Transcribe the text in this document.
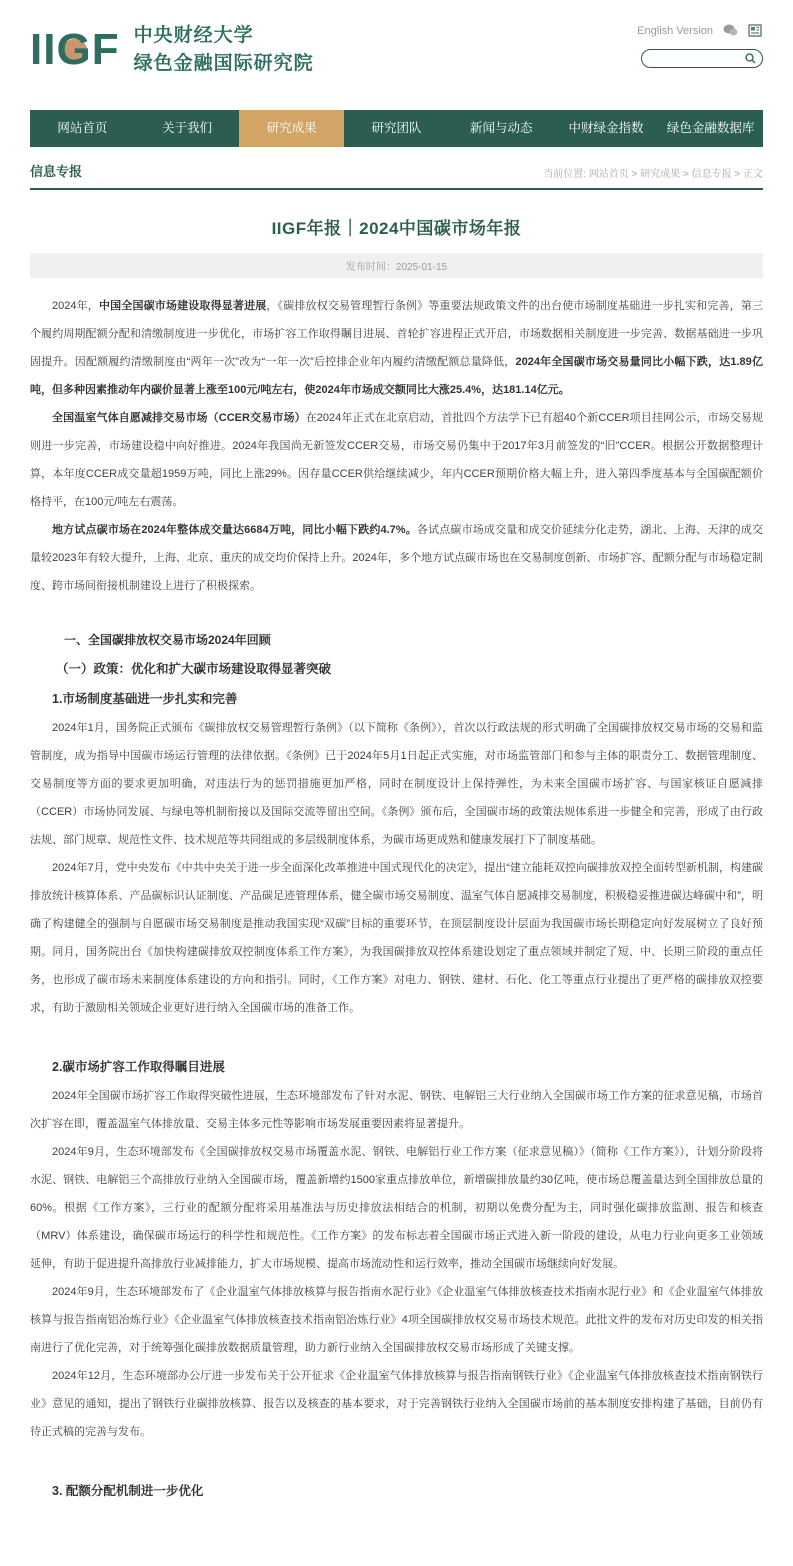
II G F 中央财经大学
绿色金融国际研究院
English Version
网站首页	关于我们	研究成果	研究团队	新闻与动态	中财绿金指数	绿色金融数据库
信息专报	当前位置: 网站首页 > 研究成果 > 信息专报 > 正文
IIGF年报｜2024中国碳市场年报
发布时间：2025-01-15
2024年，中国全国碳市场建设取得显著进展，《碳排放权交易管理暂行条例》等重要法规政策文件的出台使市场制度基础进一步扎实和完善，第三个履约周期配额分配和清缴制度进一步优化，市场扩容工作取得瞩目进展、首轮扩容进程正式开启，市场数据相关制度进一步完善、数据基础进一步巩固提升。因配额履约清缴制度由“两年一次”改为“一年一次”后控排企业年内履约清缴配额总量降低，2024年全国碳市场交易量同比小幅下跌，达1.89亿吨，但多种因素推动年内碳价显著上涨至100元/吨左右，使2024年市场成交额同比大涨25.4%，达181.14亿元。
全国温室气体自愿减排交易市场（CCER交易市场）在2024年正式在北京启动，首批四个方法学下已有超40个新CCER项目挂网公示，市场交易规则进一步完善，市场建设稳中向好推进。2024年我国尚无新签发CCER交易，市场交易仍集中于2017年3月前签发的“旧”CCER。根据公开数据整理计算，本年度CCER成交量超1959万吨，同比上涨29%。因存量CCER供给继续减少，年内CCER预期价格大幅上升，进入第四季度基本与全国碳配额价格持平，在100元/吨左右震荡。
地方试点碳市场在2024年整体成交量达6684万吨，同比小幅下跌约4.7%。各试点碳市场成交量和成交价延续分化走势，湖北、上海、天津的成交量较2023年有较大提升，上海、北京、重庆的成交均价保持上升。2024年，多个地方试点碳市场也在交易制度创新、市场扩容、配额分配与市场稳定制度、跨市场间衔接机制建设上进行了积极探索。
一、全国碳排放权交易市场2024年回顾
（一）政策：优化和扩大碳市场建设取得显著突破
1.市场制度基础进一步扎实和完善
2024年1月，国务院正式颁布《碳排放权交易管理暂行条例》（以下简称《条例》），首次以行政法规的形式明确了全国碳排放权交易市场的交易和监管制度，成为指导中国碳市场运行管理的法律依据。《条例》已于2024年5月1日起正式实施，对市场监管部门和参与主体的职责分工、数据管理制度、交易制度等方面的要求更加明确，对违法行为的惩罚措施更加严格，同时在制度设计上保持弹性，为未来全国碳市场扩容、与国家核证自愿减排（CCER）市场协同发展、与绿电等机制衔接以及国际交流等留出空间。《条例》颁布后，全国碳市场的政策法规体系进一步健全和完善，形成了由行政法规、部门规章、规范性文件、技术规范等共同组成的多层级制度体系，为碳市场更成熟和健康发展打下了制度基础。
2024年7月，党中央发布《中共中央关于进一步全面深化改革推进中国式现代化的决定》，提出“建立能耗双控向碳排放双控全面转型新机制，构建碳排放统计核算体系、产品碳标识认证制度、产品碳足迹管理体系，健全碳市场交易制度、温室气体自愿减排交易制度，积极稳妥推进碳达峰碳中和”，明确了构建健全的强制与自愿碳市场交易制度是推动我国实现“双碳”目标的重要环节，在顶层制度设计层面为我国碳市场长期稳定向好发展树立了良好预期。同月，国务院出台《加快构建碳排放双控制度体系工作方案》，为我国碳排放双控体系建设划定了重点领域并制定了短、中、长期三阶段的重点任务，也形成了碳市场未来制度体系建设的方向和指引。同时，《工作方案》对电力、钢铁、建材、石化、化工等重点行业提出了更严格的碳排放双控要求，有助于激励相关领域企业更好进行纳入全国碳市场的准备工作。
2.碳市场扩容工作取得瞩目进展
2024年全国碳市场扩容工作取得突破性进展，生态环境部发布了针对水泥、钢铁、电解铝三大行业纳入全国碳市场工作方案的征求意见稿，市场首次扩容在即，覆盖温室气体排放量、交易主体多元性等影响市场发展重要因素将显著提升。
2024年9月，生态环境部发布《全国碳排放权交易市场覆盖水泥、钢铁、电解铝行业工作方案（征求意见稿）》（简称《工作方案》），计划分阶段将水泥、钢铁、电解铝三个高排放行业纳入全国碳市场，覆盖新增约1500家重点排放单位，新增碳排放量约30亿吨，使市场总覆盖量达到全国排放总量的60%。根据《工作方案》，三行业的配额分配将采用基准法与历史排放法相结合的机制，初期以免费分配为主，同时强化碳排放监测、报告和核查（MRV）体系建设，确保碳市场运行的科学性和规范性。《工作方案》的发布标志着全国碳市场正式进入新一阶段的建设，从电力行业向更多工业领域延伸，有助于促进提升高排放行业减排能力，扩大市场规模、提高市场流动性和运行效率，推动全国碳市场继续向好发展。
2024年9月，生态环境部发布了《企业温室气体排放核算与报告指南水泥行业》《企业温室气体排放核查技术指南水泥行业》和《企业温室气体排放核算与报告指南铝冶炼行业》《企业温室气体排放核查技术指南铝冶炼行业》4项全国碳排放权交易市场技术规范。此批文件的发布对历史印发的相关指南进行了优化完善，对于统筹强化碳排放数据质量管理，助力新行业纳入全国碳排放权交易市场形成了关键支撑。
2024年12月，生态环境部办公厅进一步发布关于公开征求《企业温室气体排放核算与报告指南钢铁行业》《企业温室气体排放核查技术指南钢铁行业》意见的通知，提出了钢铁行业碳排放核算、报告以及核查的基本要求，对于完善钢铁行业纳入全国碳市场前的基本制度安排构建了基础，目前仍有待正式稿的完善与发布。
3. 配额分配机制进一步优化
